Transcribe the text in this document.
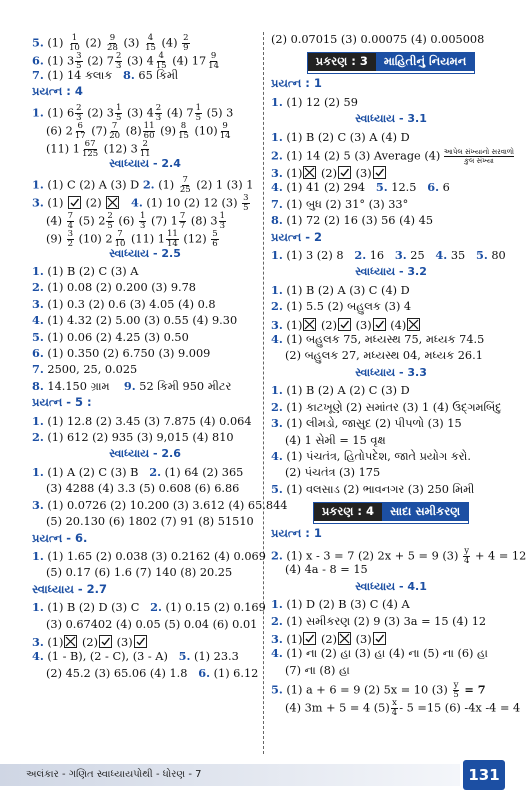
5. $(1) \frac{1}{10} (2) \frac{9}{28} (3) \frac{4}{15} (4) \frac{2}{9}$
6. (1) $3 \frac{3}{5} (2)$ $7 \frac{2}{3} (3)$ $4 \frac{4}{15} (4)$ $17 \frac{9}{14}$
7. (1) 14 કલાક 8. 65 કિમી
પ્રયત્ન : 4
1. (1) $6 \frac{2}{3} (2)$ $3 \frac{1}{5} (3)$ $4 \frac{2}{3} (4)$ $7 \frac{1}{5} (5)$ 3
(6) $2 \frac{6}{17} (7) \frac{7}{20} (8) \frac{11}{60} (9) \frac{8}{15} (10) \frac{9}{14}$
(11) $1 \frac{67}{125} (12)$ $3 \frac{2}{11}$
સ્વાધ્યાય - 2.4
1. (1) C (2) A (3) D 2. $(1) \frac{7}{25} (2)$ 1 (3) 1
3. (1) (2) ☒ 4. (1) 10 (2) 12 $(3) \frac{3}{5}$
$(4) \frac{7}{4} (5)$ $2 \frac{2}{5} (6) \frac{1}{3} (7)$ $1 \frac{7}{7} (8)$ $3 \frac{1}{3}$
$(9) \frac{3}{2} (10)$ $2 \frac{7}{10} (11)$ $1 \frac{11}{14} (12) \frac{5}{6}$
સ્વાધ્યાય - 2.5
1. (1) B (2) C (3) A
2. (1) 0.08 (2) 0.200 (3) 9.78
3. (1) 0.3 (2) 0.6 (3) 4.05 (4) 0.8
4. (1) 4.32 (2) 5.00 (3) 0.55 (4) 9.30
5. (1) 0.06 (2) 4.25 (3) 0.50
6. (1) 0.350 (2) 6.750 (3) 9.009
7. 2500, 25, 0.025
8. 14.150 ગ્રામ 9. 52 કિમી 950 મીટર
પ્રયત્ન - 5 :
1. (1) 12.8 (2) 3.45 (3) 7.875 (4) 0.064
2. (1) 612 (2) 935 (3) 9,015 (4) 810
સ્વાધ્યાય - 2.6
1. (1) A (2) C (3) B 2. (1) 64 (2) 365
(3) 4288 (4) 3.3 (5) 0.608 (6) 6.86
3. (1) 0.0726 (2) 10.200 (3) 3.612 (4) 65.844
(5) 20.130 (6) 1802 (7) 91 (8) 51510
પ્રયત્ન - 6.
1. (1) 1.65 (2) 0.038 (3) 0.2162 (4) 0.069
(5) 0.17 (6) 1.6 (7) 140 (8) 20.25
સ્વાધ્યાય - 2.7
1. (1) B (2) D (3) C 2. (1) 0.15 (2) 0.169
(3) 0.67402 (4) 0.05 (5) 0.04 (6) 0.01
3. (1)☒ (2) (3)
4. (1 - B), (2 - C), (3 - A) 5. (1) 23.3
(2) 45.2 (3) 65.06 (4) 1.8 6. (1) 6.12
(2) 0.07015 (3) 0.00075 (4) 0.005008
પ્રકરણ : 3 માહિતીનું નિયમન
પ્રયત્ન : 1
1. (1) 12 (2) 59
સ્વાધ્યાય - 3.1
1. (1) B (2) C (3) A (4) D
2. (1) 14 (2) 5 (3) Average (4) આપેલ સંખ્યાનો સરવાળો
કુલ સંખ્યા
3. (1)☒ (2) (3)
4. (1) 41 (2) 294 5. 12.5 6. 6
7. (1) બુધ (2) 31° (3) 33°
8. (1) 72 (2) 16 (3) 56 (4) 45
પ્રયત્ન - 2
1. (1) 3 (2) 8 2. 16 3. 25 4. 35 5. 80
સ્વાધ્યાય - 3.2
1. (1) B (2) A (3) C (4) D
2. (1) 5.5 (2) બહુલક (3) 4
3. (1)☒ (2) (3) (4)
4. (1) બહુલક 75, મધ્યસ્થ 75, મધ્યક 74.5
(2) બહુલક 27, મધ્યસ્થ 04, મધ્યક 26.1
સ્વાધ્યાય - 3.3
1. (1) B (2) A (2) C (3) D
2. (1) કાટખૂણે (2) સમાંતર (3) 1 (4) ઉદ્‌ગમબિંદુ
3. (1) લીમડો, જાસુદ (2) પીપળો (3) 15
(4) 1 સેમી = 15 વૃક્ષ
4. (1) પંચતંત્ર, હિતોપદેશ, જાતે પ્રયોગ કરો.
(2) પંચતંત્ર (3) 175
5. (1) વલસાડ (2) ભાવનગર (3) 250 મિમી
પ્રકરણ : 4 સાદા સમીકરણ
પ્રયત્ન : 1
2. (1) x - 3 = 7 (2) 2x + 5 = 9 $(3) \frac{y}{4} + 4 = 12$
(4) 4a - 8 = 15
સ્વાધ્યાય - 4.1
1. (1) D (2) B (3) C (4) A
2. (1) સમીકરણ (2) 9 (3) 3a = 15 (4) 12
3. (1) (2)☒ (3)
4. (1) ના (2) હા (3) હા (4) ના (5) ના (6) હા
(7) ના (8) હા
5. (1) a + 6 = 9 (2) 5x = 10 $(3) \frac{y}{5} = 7$
(4) 3m + 5 = 4 $(5) \frac{x}{4} - 5 =15$ (6) -4x -4 = 4
અલંકાર - ગણિત સ્વાધ્યાયપોથી - ધોરણ - 7	131
